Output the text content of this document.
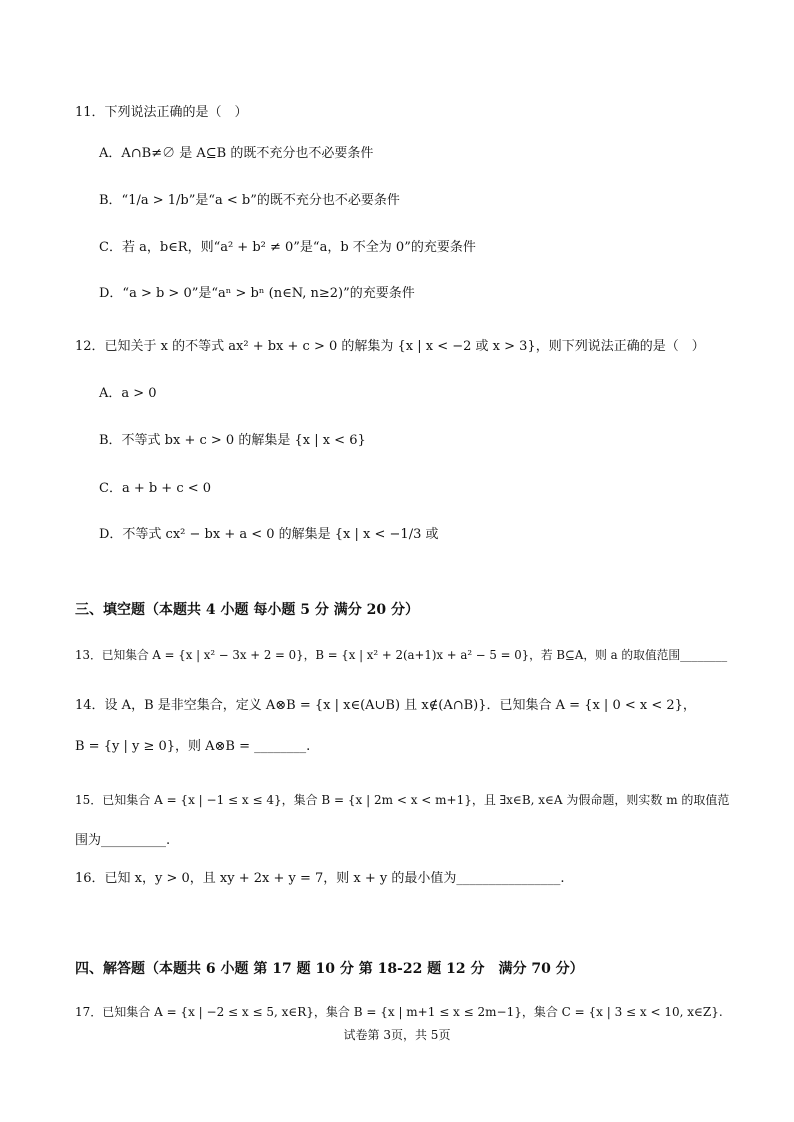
11．下列说法正确的是（　）
A．A∩B≠∅ 是 A⊆B 的既不充分也不必要条件
B．“1/a > 1/b”是“a < b”的既不充分也不必要条件
C．若 a，b∈R，则“a² + b² ≠ 0”是“a，b 不全为 0”的充要条件
D．“a > b > 0”是“aⁿ > bⁿ (n∈N, n≥2)”的充要条件
12．已知关于 x 的不等式 ax² + bx + c > 0 的解集为 {x | x < −2 或 x > 3}，则下列说法正确的是（　）
A．a > 0
B．不等式 bx + c > 0 的解集是 {x | x < 6}
C．a + b + c < 0
D．不等式 cx² − bx + a < 0 的解集是 {x | x < −1/3 或
三、填空题（本题共 4 小题 每小题 5 分 满分 20 分）
13．已知集合 A = {x | x² − 3x + 2 = 0}，B = {x | x² + 2(a+1)x + a² − 5 = 0}，若 B⊆A，则 a 的取值范围________
14．设 A，B 是非空集合，定义 A⊗B = {x | x∈(A∪B) 且 x∉(A∩B)}．已知集合 A = {x | 0 < x < 2}，
B = {y | y ≥ 0}，则 A⊗B = ________.
15．已知集合 A = {x | −1 ≤ x ≤ 4}，集合 B = {x | 2m < x < m+1}，且 ∃x∈B, x∈A 为假命题，则实数 m 的取值范
围为__________.
16．已知 x，y > 0，且 xy + 2x + y = 7，则 x + y 的最小值为________________.
四、解答题（本题共 6 小题 第 17 题 10 分 第 18-22 题 12 分　满分 70 分）
17．已知集合 A = {x | −2 ≤ x ≤ 5, x∈R}，集合 B = {x | m+1 ≤ x ≤ 2m−1}，集合 C = {x | 3 ≤ x < 10, x∈Z}.
试卷第 3页，共 5页
